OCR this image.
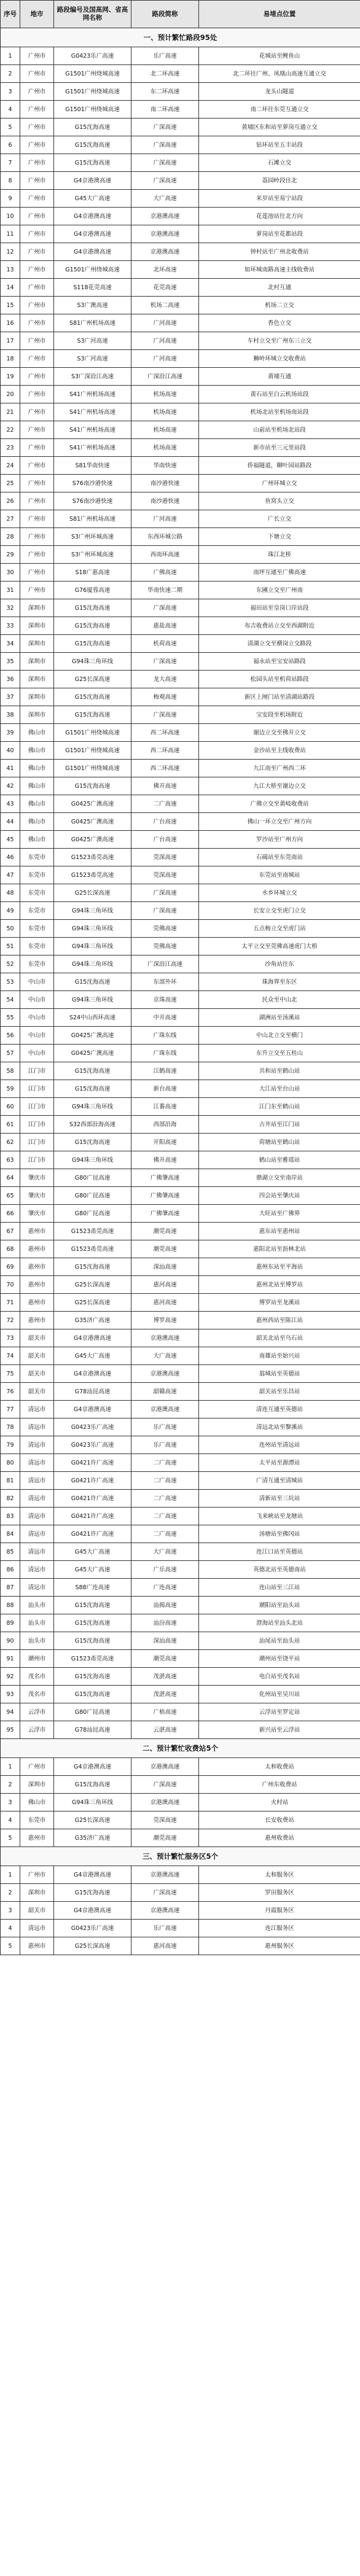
序号	地市	路段编号及国高网、省高网名称	路段简称	易堵点位置
一、预计繁忙路段95处				
1	广州市	G0423乐广高速	乐广高速	花城站至鲤鱼山
2	广州市	G1501广州绕城高速	北二环高速	北二环往广州、凤凰山高速互通立交
3	广州市	G1501广州绕城高速	东二环高速	龙头山隧道
4	广州市	G1501广州绕城高速	南二环高速	南二环往东莞互通立交
5	广州市	G15沈海高速	广深高速	黄埔区东和站至萝岗互通立交
6	广州市	G15沈海高速	广深高速	钻环站至五丰站段
7	广州市	G15沈海高速	广深高速	石滩立交
8	广州市	G4京港澳高速	广深高速	荔园岭段往北
9	广州市	G45大广高速	大广高速	米岁站至易宁站段
10	广州市	G4京港澳高速	京港澳高速	花莲池站往北方向
11	广州市	G4京港澳高速	京港澳高速	萝岗站至花都站段
12	广州市	G4京港澳高速	京港澳高速	钟村站至广州北收费站
13	广州市	G1501广州绕城高速	北环高速	如环城南路高速主线收费站
14	广州市	S118花莞高速	花莞高速	北村互通
15	广州市	S3广澳高速	机场二高速	机场二立交
16	广州市	S81广州机场高速	广河高速	香色立交
17	广州市	S3广河高速	广河高速	车村立交至广州东三立交
18	广州市	S3广河高速	广河高速	狮岭环城立交收费站
19	广州市	S3广深沿江高速	广深沿江高速	黄埔互通
20	广州市	S41广州机场高速	机场高速	黄石站至白云机场站段
21	广州市	S41广州机场高速	机场高速	机场北站至机场南站段
22	广州市	S41广州机场高速	机场高速	山前站至机场北站段
23	广州市	S41广州机场高速	机场高速	新市站至三元里站段
24	广州市	S81华南快速	华南快速	侨福隧道，聊叶园站路段
25	广州市	S76南沙港快速	南沙港快速	广州环城立交
26	广州市	S76南沙港快速	南沙港快速	鱼窝头立交
27	广州市	S81广州机场高速	广河高速	广长立交
28	广州市	S3广州环城高速	东西环城公路	下塘立交
29	广州市	S3广州环城高速	西南环高速	珠江北桥
30	广州市	S18广惠高速	广佛高速	南坪互通至广佛高速
31	广州市	G76厦蓉高速	华南快速二期	东圃立交至广州南
32	深圳市	G15沈海高速	广深高速	福田站至皇岗口岸站段
33	深圳市	G15沈海高速	惠盐高速	布吉收费站立交至西湖附近
34	深圳市	G15沈海高速	机荷高速	清湖立交至横岗立交路段
35	深圳市	G94珠三角环线	广深高速	福永站至宝安站路段
36	深圳市	G25长深高速	龙大高速	松园头站至机荷站路段
37	深圳市	G15沈海高速	梅观高速	新区上闸门站至清湖站路段
38	深圳市	G15沈海高速	广深高速	宝安段至机场附近
39	佛山市	G1501广州绕城高速	西二环高速	谢边立交至佛开立交
40	佛山市	G1501广州绕城高速	西二环高速	金沙站至主线收费站
41	佛山市	G1501广州绕城高速	西二环高速	九江南至广州西二环
42	佛山市	G15沈海高速	佛开高速	九江大桥至谢边立交
43	佛山市	G0425广澳高速	二广高速	广佛立交至黄岐收费站
44	佛山市	G0425广澳高速	广台高速	佛山一环立交至广州方向
45	佛山市	G0425广澳高速	广台高速	罗沙站至广州方向
46	东莞市	G1523甬莞高速	莞深高速	石碣站至东莞南站
47	东莞市	G1523甬莞高速	莞深高速	东莞站至南城站
48	东莞市	G25长深高速	广深高速	水乡环城立交
49	东莞市	G94珠三角环线	广深高速	长安立交至虎门立交
50	东莞市	G94珠三角环线	莞佛高速	五点梅立交至虎门站
51	东莞市	G94珠三角环线	莞佛高速	太平立交至莞佛高速虎门大桥
52	东莞市	G94珠三角环线	广深沿江高速	沙角站往东
53	中山市	G15沈海高速	东部外环	珠海界至东区
54	中山市	G94珠三角环线	京珠高速	民众至中山北
55	中山市	S24中山西环高速	中开高速	湖洲站至汤溪站
56	中山市	G0425广澳高速	广珠东线	中山北立交至横门
57	中山市	G0425广澳高速	广珠东线	东升立交至五桂山
58	江门市	G15沈海高速	江鹤高速	共和站至鹤山站
59	江门市	G15沈海高速	新台高速	大江站至台山站
60	江门市	G94珠三角环线	江番高速	江门东至鹤山站
61	江门市	S32西部沿海高速	西部沿海	古井站至江门站
62	江门市	G15沈海高速	开阳高速	荷塘站至鹤山站
63	江门市	G94珠三角环线	佛开高速	鹤山站至雅瑶站
64	肇庆市	G80广昆高速	广佛肇高速	鼎湖立交至南岸站
65	肇庆市	G80广昆高速	广佛肇高速	四会站至肇庆站
66	肇庆市	G80广昆高速	广佛肇高速	大旺站至广佛界
67	惠州市	G1523甬莞高速	潮莞高速	惠东站至惠州站
68	惠州市	G1523甬莞高速	潮莞高速	惠阳北站至沥林北站
69	惠州市	G15沈海高速	深汕高速	惠州东站至平海站
70	惠州市	G25长深高速	惠河高速	惠州北站至博罗站
71	惠州市	G25长深高速	惠河高速	博罗站至龙溪站
72	惠州市	G35济广高速	博罗高速	惠州西站至陈江站
73	韶关市	G4京港澳高速	京港澳高速	韶关北站至乌石站
74	韶关市	G45大广高速	大广高速	南雄站至始兴站
75	韶关市	G4京港澳高速	京港澳高速	翁城站至英德站
76	韶关市	G78汕昆高速	韶赣高速	韶关站至乐昌站
77	清远市	G4京港澳高速	京港澳高速	清连互通至英德站
78	清远市	G0423乐广高速	乐广高速	清远北站至黎溪站
79	清远市	G0423乐广高速	乐广高速	连州站至清远站
80	清远市	G0421许广高速	二广高速	太平站至源潭站
81	清远市	G0421许广高速	二广高速	广清互通至清城站
82	清远市	G0421许广高速	二广高速	清新站至三坑站
83	清远市	G0421许广高速	二广高速	飞来峡站至龙塘站
84	清远市	G0421许广高速	二广高速	汤塘站至佛冈站
85	清远市	G45大广高速	大广高速	连江口站至英德站
86	清远市	G45大广高速	广乐高速	英德北站至英德南站
87	清远市	S88广连高速	广连高速	连山站至三江站
88	汕头市	G15沈海高速	汕揭高速	潮阳站至汕头站
89	汕头市	G15沈海高速	汕汾高速	澄海站至汕头北站
90	汕头市	G15沈海高速	深汕高速	汕尾站至汕头站
91	潮州市	G1523甬莞高速	潮莞高速	潮州站至饶平站
92	茂名市	G15沈海高速	茂湛高速	电白站至茂名站
93	茂名市	G15沈海高速	茂湛高速	化州站至吴川站
94	云浮市	G80广昆高速	广梧高速	云浮站至罗定站
95	云浮市	G78汕昆高速	云湛高速	新兴站至云浮站
二、预计繁忙收费站5个				
1	广州市	G4京港澳高速	京港澳高速	太和收费站
2	深圳市	G15沈海高速	广深高速	广州东收费站
3	佛山市	G94珠三角环线	京港澳高速	火村站
4	东莞市	G25长深高速	莞深高速	长安收费站
5	惠州市	G35济广高速	潮莞高速	惠州收费站
三、预计繁忙服务区5个				
1	广州市	G4京港澳高速	京港澳高速	太和服务区
2	深圳市	G15沈海高速	广深高速	罗田服务区
3	韶关市	G4京港澳高速	京港澳高速	丹霞服务区
4	清远市	G0423乐广高速	乐广高速	连江服务区
5	惠州市	G25长深高速	惠河高速	惠州服务区
